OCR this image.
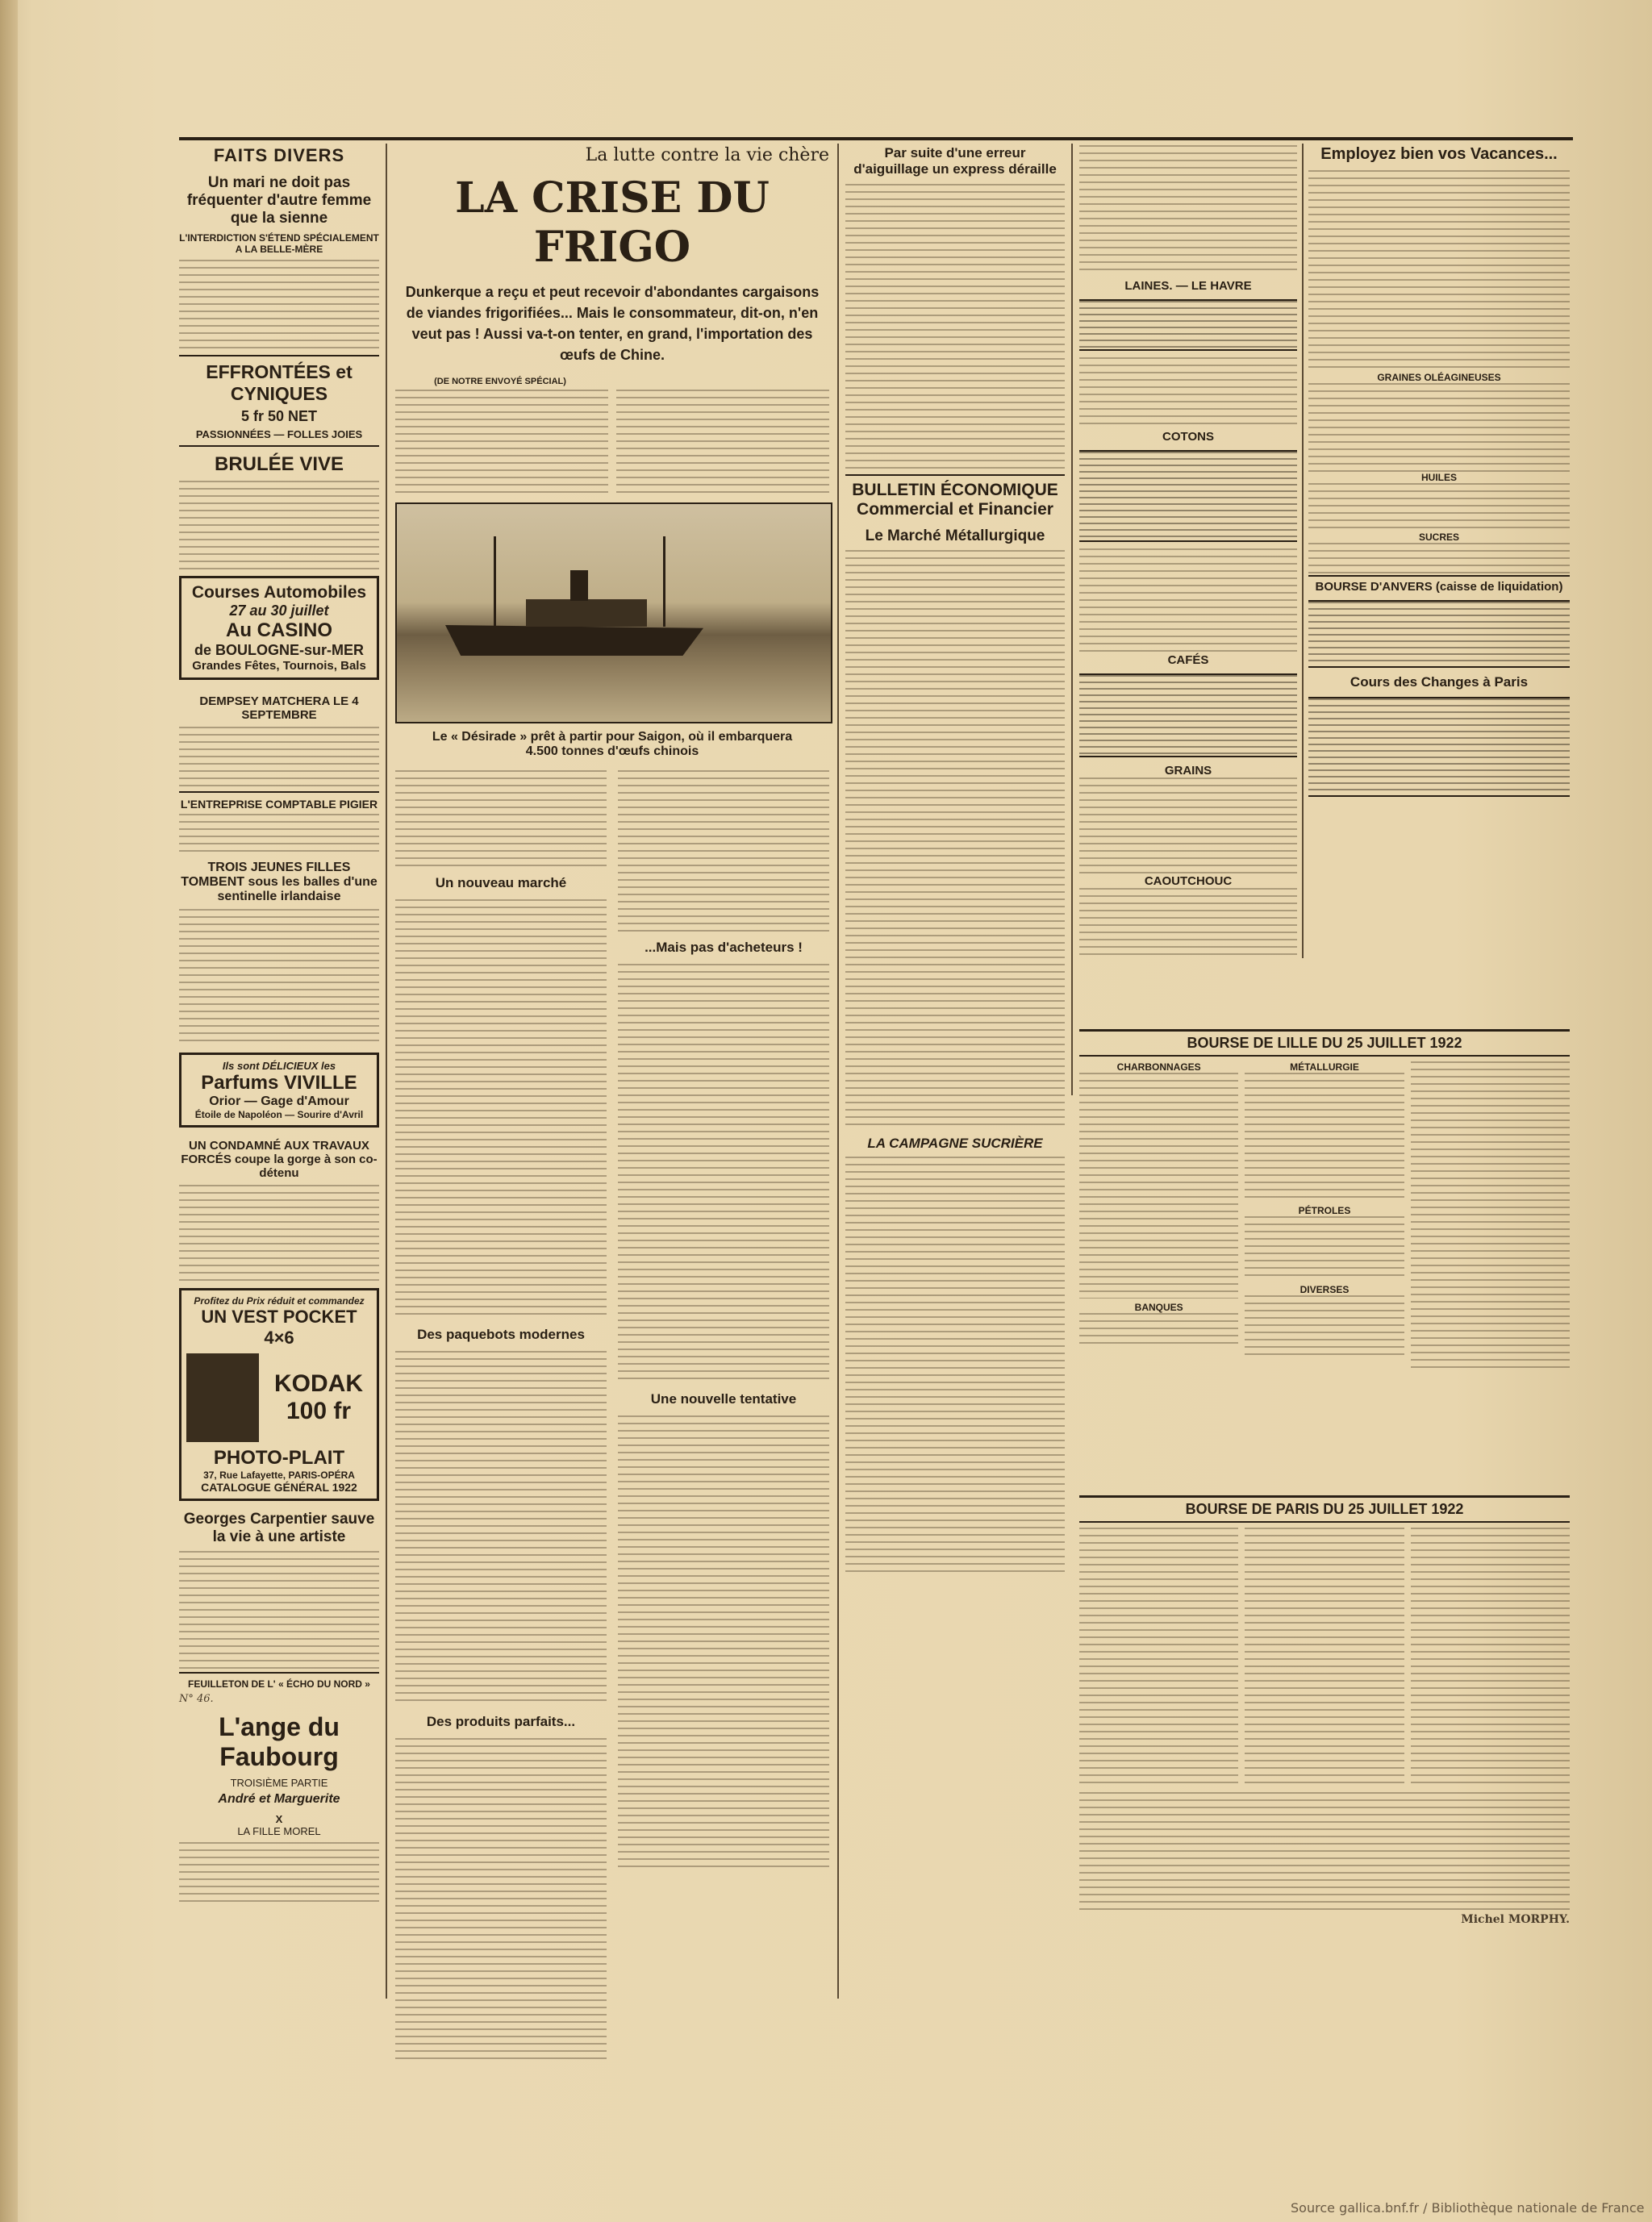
FAITS DIVERS

Un mari ne doit pas fréquenter d'autre femme que la sienne

L'INTERDICTION S'ÉTEND SPÉCIALEMENT A LA BELLE-MÈRE

EFFRONTÉES et CYNIQUES

5 fr 50 NET

PASSIONNÉES — FOLLES JOIES

BRULÉE VIVE

Courses Automobiles

27 au 30 juillet

Au CASINO

de BOULOGNE-sur-MER

Grandes Fêtes, Tournois, Bals

DEMPSEY MATCHERA LE 4 SEPTEMBRE

L'ENTREPRISE COMPTABLE PIGIER

TROIS JEUNES FILLES TOMBENT sous les balles d'une sentinelle irlandaise

Ils sont DÉLICIEUX les

Parfums VIVILLE

Orior — Gage d'Amour

Étoile de Napoléon — Sourire d'Avril

UN CONDAMNÉ AUX TRAVAUX FORCÉS coupe la gorge à son co-détenu

Profitez du Prix réduit et commandez

UN VEST POCKET 4×6

KODAK

100 fr

PHOTO-PLAIT

37, Rue Lafayette, PARIS-OPÉRA

CATALOGUE GÉNÉRAL 1922

Georges Carpentier sauve la vie à une artiste

FEUILLETON DE L' « ÉCHO DU NORD »

N° 46.

L'ange du Faubourg

TROISIÈME PARTIE

André et Marguerite

X

LA FILLE MOREL

La lutte contre la vie chère

LA CRISE DU FRIGO

Dunkerque a reçu et peut recevoir d'abondantes cargaisons de viandes frigorifiées... Mais le consommateur, dit-on, n'en veut pas ! Aussi va-t-on tenter, en grand, l'importation des œufs de Chine.

(DE NOTRE ENVOYÉ SPÉCIAL)

Le « Désirade » prêt à partir pour Saigon, où il embarquera

4.500 tonnes d'œufs chinois

Un nouveau marché

Des paquebots modernes

Des produits parfaits...

...Mais pas d'acheteurs !

Une nouvelle tentative

Par suite d'une erreur d'aiguillage un express déraille

BULLETIN ÉCONOMIQUE

Commercial et Financier

Le Marché Métallurgique

LA CAMPAGNE SUCRIÈRE

LAINES. — LE HAVRE

COTONS

CAFÉS

GRAINS

CAOUTCHOUC

Employez bien vos Vacances...

GRAINES OLÉAGINEUSES

HUILES

SUCRES

BOURSE D'ANVERS (caisse de liquidation)

Cours des Changes à Paris

BOURSE DE LILLE DU 25 JUILLET 1922

CHARBONNAGES

BANQUES

MÉTALLURGIE

PÉTROLES

DIVERSES

BOURSE DE PARIS DU 25 JUILLET 1922

Michel MORPHY.

Source gallica.bnf.fr / Bibliothèque nationale de France
